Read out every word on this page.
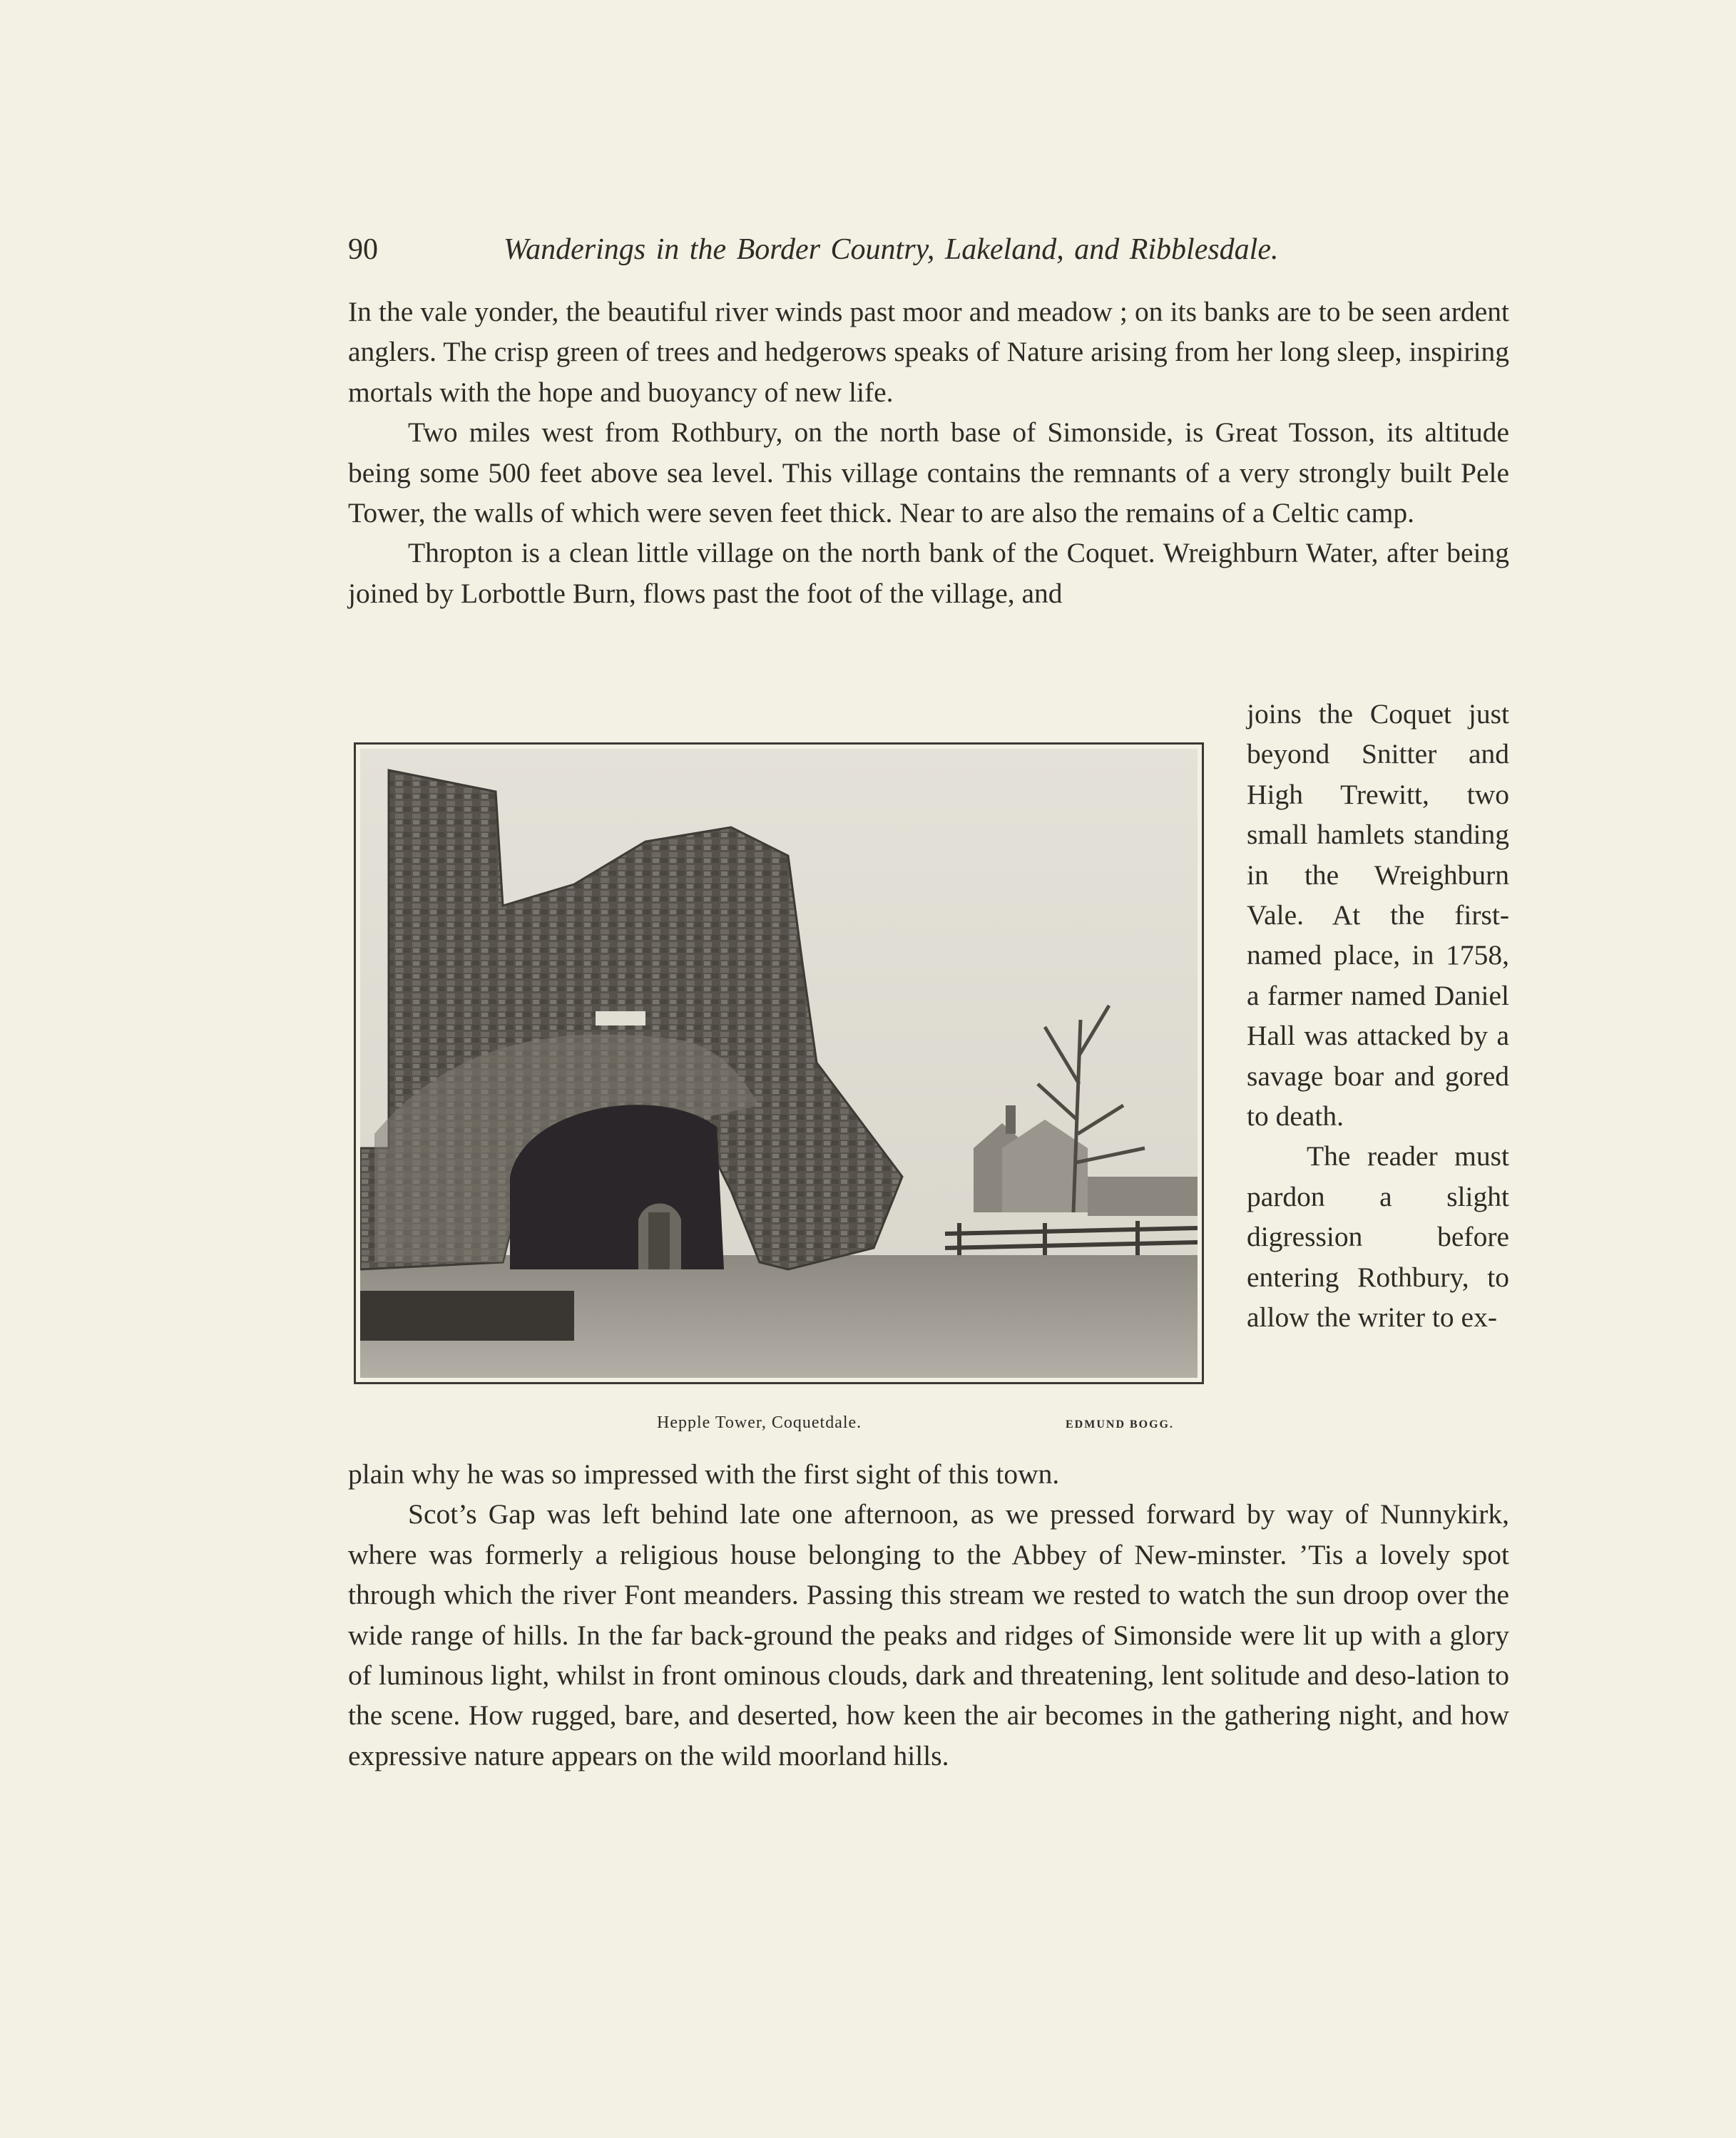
90	Wanderings in the Border Country, Lakeland, and Ribblesdale.

In the vale yonder, the beautiful river winds past moor and meadow ; on its banks are to be seen ardent anglers. The crisp green of trees and hedgerows speaks of Nature arising from her long sleep, inspiring mortals with the hope and buoyancy of new life.

Two miles west from Rothbury, on the north base of Simonside, is Great Tosson, its altitude being some 500 feet above sea level. This village contains the remnants of a very strongly built Pele Tower, the walls of which were seven feet thick. Near to are also the remains of a Celtic camp.

Thropton is a clean little village on the north bank of the Coquet. Wreighburn Water, after being joined by Lorbottle Burn, flows past the foot of the village, and

Hepple Tower, Coquetdale.	EDMUND BOGG.

joins the Coquet just beyond Snitter and High Trewitt, two small hamlets standing in the Wreighburn Vale. At the first-named place, in 1758, a farmer named Daniel Hall was attacked by a savage boar and gored to death.

The reader must pardon a slight digression before entering Rothbury, to allow the writer to ex-

plain why he was so impressed with the first sight of this town.

Scot’s Gap was left behind late one afternoon, as we pressed forward by way of Nunnykirk, where was formerly a religious house belonging to the Abbey of New-minster. ’Tis a lovely spot through which the river Font meanders. Passing this stream we rested to watch the sun droop over the wide range of hills. In the far back-ground the peaks and ridges of Simonside were lit up with a glory of luminous light, whilst in front ominous clouds, dark and threatening, lent solitude and deso-lation to the scene. How rugged, bare, and deserted, how keen the air becomes in the gathering night, and how expressive nature appears on the wild moorland hills.
